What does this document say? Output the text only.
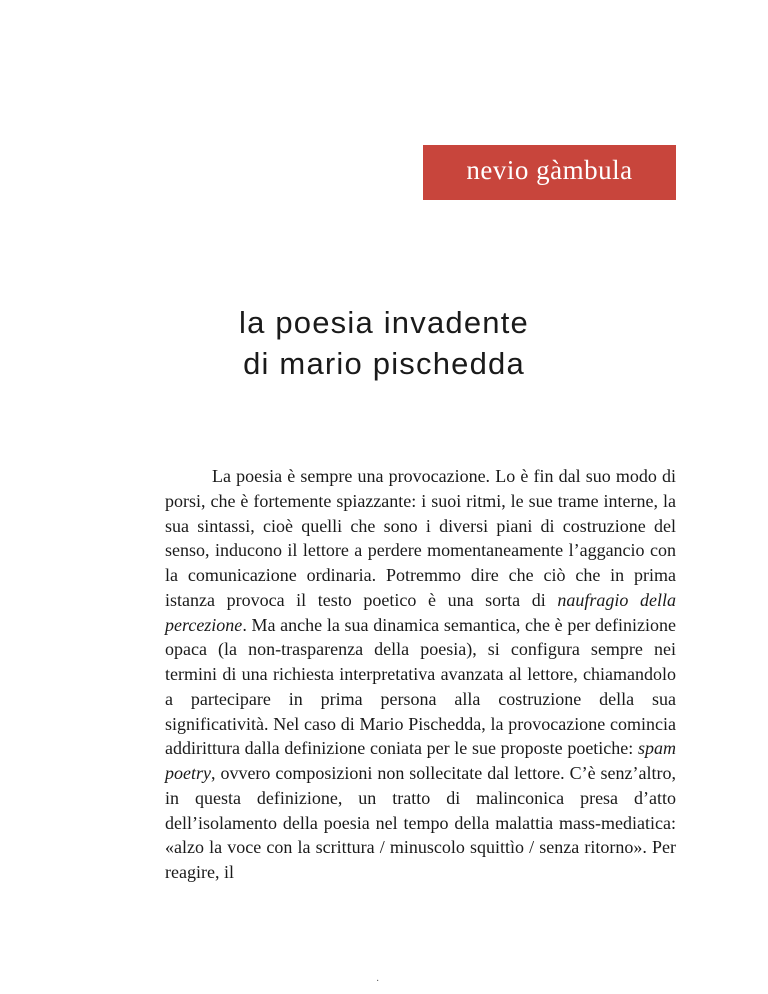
nevio gàmbula
la poesia invadente
di mario pischedda

La poesia è sempre una provocazione. Lo è fin dal suo modo di porsi, che è fortemente spiazzante: i suoi ritmi, le sue trame interne, la sua sintassi, cioè quelli che sono i diversi piani di costruzione del senso, inducono il lettore a perdere momentaneamente l’aggancio con la comunicazione ordinaria. Potremmo dire che ciò che in prima istanza provoca il testo poetico è una sorta di naufragio della percezione. Ma anche la sua dinamica semantica, che è per definizione opaca (la non-trasparenza della poesia), si configura sempre nei termini di una richiesta interpretativa avanzata al lettore, chiamandolo a partecipare in prima persona alla costruzione della sua significatività. Nel caso di Mario Pischedda, la provocazione comincia addirittura dalla definizione coniata per le sue proposte poetiche: spam poetry, ovvero composizioni non sollecitate dal lettore. C’è senz’altro, in questa definizione, un tratto di malinconica presa d’atto dell’isolamento della poesia nel tempo della malattia mass-mediatica: «alzo la voce con la scrittura / minuscolo squittìo / senza ritorno». Per reagire, il

·
